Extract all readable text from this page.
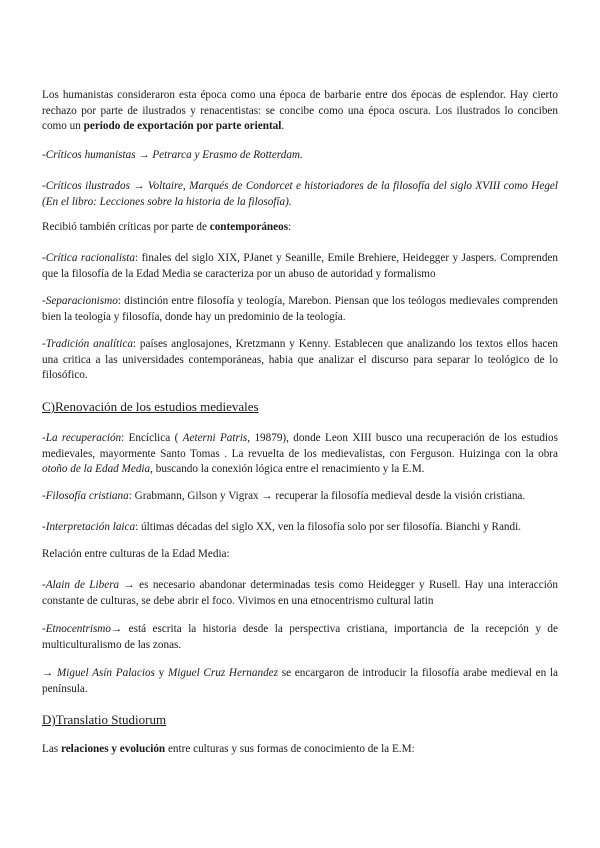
Los humanistas consideraron esta época como una época de barbarie entre dos épocas de esplendor. Hay cierto rechazo por parte de ilustrados y renacentistas: se concibe como una época oscura. Los ilustrados lo conciben como un periodo de exportación por parte oriental.

-Críticos humanistas → Petrarca y Erasmo de Rotterdam.

-Críticos ilustrados → Voltaire, Marqués de Condorcet e historiadores de la filosofía del siglo XVIII como Hegel (En el libro: Lecciones sobre la historia de la filosofía).

Recibió también críticas por parte de contemporáneos:

-Crítica racionalista: finales del siglo XIX, PJanet y Seanille, Emile Brehiere, Heidegger y Jaspers. Comprenden que la filosofía de la Edad Media se caracteriza por un abuso de autoridad y formalismo

-Separacionismo: distinción entre filosofía y teología, Marebon. Piensan que los teólogos medievales comprenden bien la teología y filosofía, donde hay un predominio de la teología.

-Tradición analítica: países anglosajones, Kretzmann y Kenny. Establecen que analizando los textos ellos hacen una critica a las universidades contemporáneas, habia que analizar el discurso para separar lo teológico de lo filosófico.

C)Renovación de los estudios medievales

-La recuperación: Encíclica ( Aeterni Patris, 19879), donde Leon XIII busco una recuperación de los estudios medievales, mayormente Santo Tomas . La revuelta de los medievalistas, con Ferguson. Huizinga con la obra otoño de la Edad Media, buscando la conexión lógica entre el renacimiento y la E.M.

-Filosofía cristiana: Grabmann, Gilson y Vigrax → recuperar la filosofía medieval desde la visión cristiana.

-Interpretación laica: últimas décadas del siglo XX, ven la filosofía solo por ser filosofía. Bianchi y Randi.

Relación entre culturas de la Edad Media:

-Alain de Libera → es necesario abandonar determinadas tesis como Heidegger y Rusell. Hay una interacción constante de culturas, se debe abrir el foco. Vivimos en una etnocentrismo cultural latin

-Etnocentrismo→ está escrita la historia desde la perspectiva cristiana, importancia de la recepción y de multiculturalismo de las zonas.

→ Miguel Asín Palacios y Miguel Cruz Hernandez se encargaron de introducir la filosofía arabe medieval en la península.

D)Translatio Studiorum

Las relaciones y evolución entre culturas y sus formas de conocimiento de la E.M:
